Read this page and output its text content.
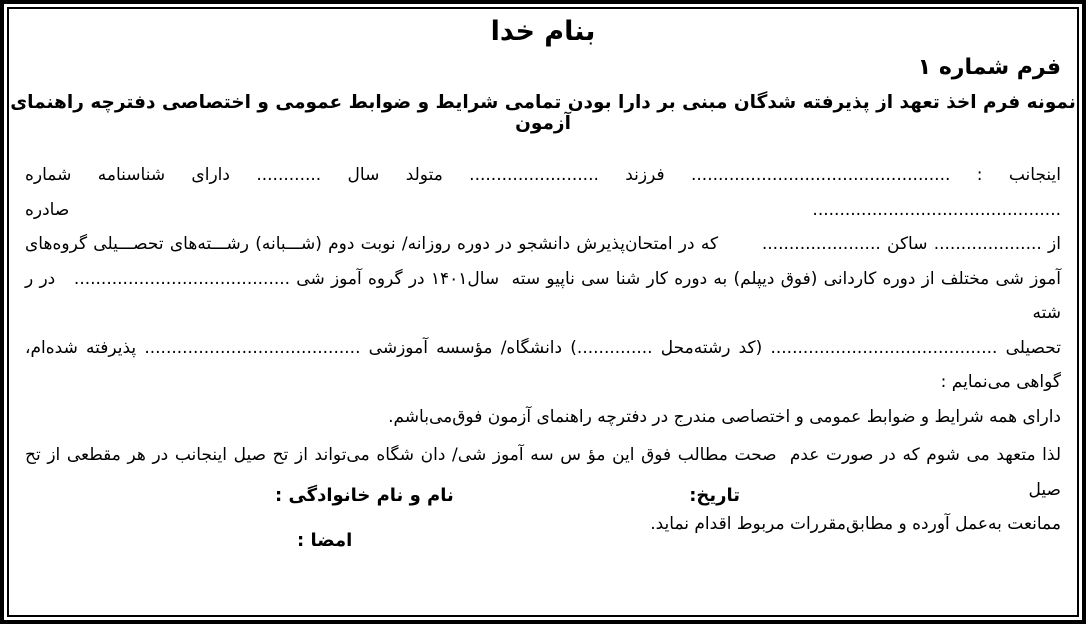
بنام خدا
فرم شماره ۱
نمونه فرم اخذ تعهد از پذیرفته شدگان مبنی بر دارا بودن تمامی شرایط و ضوابط عمومی و اختصاصی دفترچه راهنمای آزمون
اینجانب : ................................................ فرزند ........................ متولد سال ............ دارای شناسنامه شماره .............................................. صادره
از .................... ساکن ......................       که در امتحان‌پذیرش دانشجو در دوره روزانه/ نوبت دوم (شـــبانه) رشـــته‌های تحصـــیلی گروه‌های
آموز شی مختلف از دوره کاردانی (فوق دیپلم) به دوره کار شنا سی ناپیو سته  سال۱۴۰۱ در گروه آموز شی ........................................   در ر شته
تحصیلی .......................................... (کد رشته‌محل ..............) دانشگاه/ مؤسسه آموزشی ........................................ پذیرفته شده‌ام،
گواهی می‌نمایم :
دارای همه شرایط و ضوابط عمومی و اختصاصی مندرج در دفترچه راهنمای آزمون فوق‌می‌باشم.
لذا متعهد می شوم که در صورت عدم  صحت مطالب فوق این مؤ س سه آموز شی/ دان شگاه می‌تواند از تح صیل اینجانب در هر مقطعی از تح صیل
ممانعت به‌عمل آورده و مطابق‌مقررات مربوط اقدام نماید.
تاریخ:
نام و نام خانوادگی :
امضا :
